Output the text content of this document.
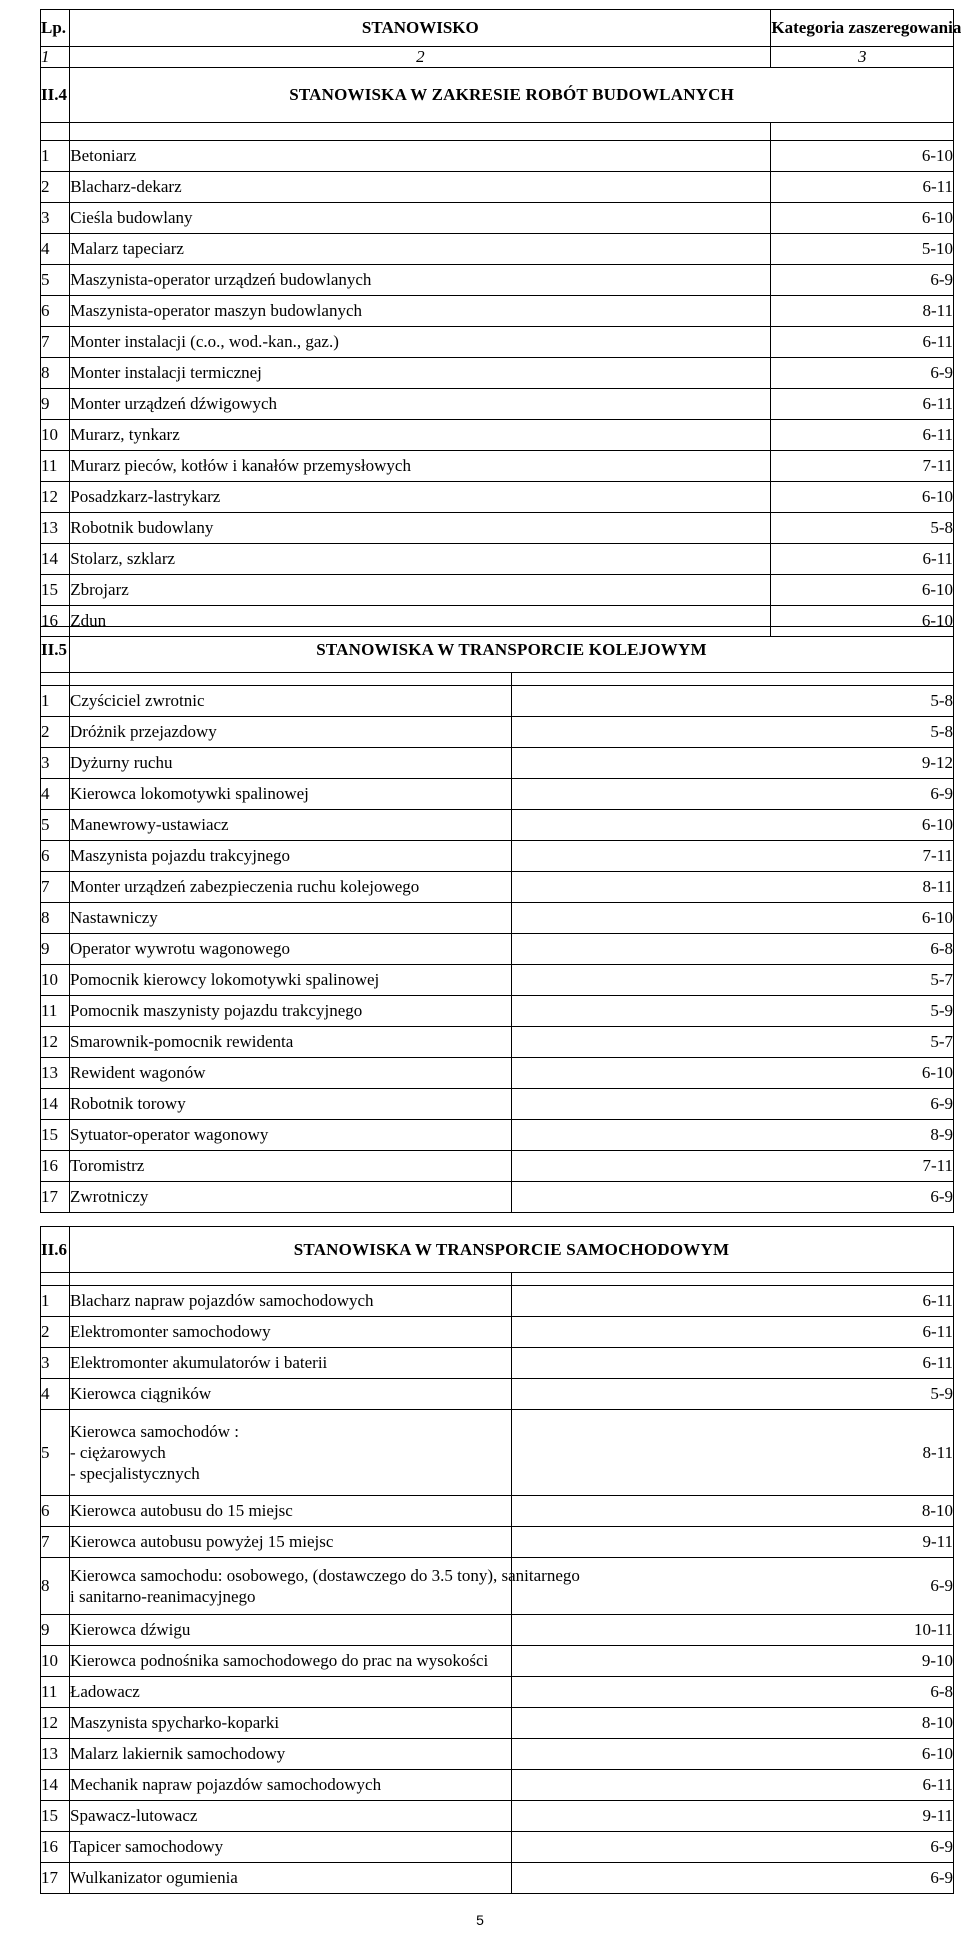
Lp.	STANOWISKO	Kategoria zaszeregowania
1	2	3
II.4	STANOWISKA W ZAKRESIE ROBÓT BUDOWLANYCH	

1	Betoniarz	6-10
2	Blacharz-dekarz	6-11
3	Cieśla budowlany	6-10
4	Malarz tapeciarz	5-10
5	Maszynista-operator urządzeń budowlanych	6-9
6	Maszynista-operator maszyn budowlanych	8-11
7	Monter instalacji (c.o., wod.-kan., gaz.)	6-11
8	Monter instalacji termicznej	6-9
9	Monter urządzeń dźwigowych	6-11
10	Murarz, tynkarz	6-11
11	Murarz pieców, kotłów i kanałów przemysłowych	7-11
12	Posadzkarz-lastrykarz	6-10
13	Robotnik budowlany	5-8
14	Stolarz, szklarz	6-11
15	Zbrojarz	6-10
16	Zdun	6-10
II.5	STANOWISKA W TRANSPORCIE KOLEJOWYM	

1	Czyściciel zwrotnic	5-8
2	Dróżnik przejazdowy	5-8
3	Dyżurny ruchu	9-12
4	Kierowca lokomotywki spalinowej	6-9
5	Manewrowy-ustawiacz	6-10
6	Maszynista pojazdu trakcyjnego	7-11
7	Monter urządzeń zabezpieczenia ruchu kolejowego	8-11
8	Nastawniczy	6-10
9	Operator wywrotu wagonowego	6-8
10	Pomocnik kierowcy lokomotywki spalinowej	5-7
11	Pomocnik maszynisty pojazdu trakcyjnego	5-9
12	Smarownik-pomocnik rewidenta	5-7
13	Rewident wagonów	6-10
14	Robotnik torowy	6-9
15	Sytuator-operator wagonowy	8-9
16	Toromistrz	7-11
17	Zwrotniczy	6-9
II.6	STANOWISKA W TRANSPORCIE SAMOCHODOWYM	

1	Blacharz napraw pojazdów samochodowych	6-11
2	Elektromonter samochodowy	6-11
3	Elektromonter akumulatorów i baterii	6-11
4	Kierowca ciągników	5-9
5	Kierowca samochodów :
- ciężarowych
- specjalistycznych	8-11
6	Kierowca autobusu do 15 miejsc	8-10
7	Kierowca autobusu powyżej 15 miejsc	9-11
8	Kierowca samochodu: osobowego, (dostawczego do 3.5 tony), sanitarnego
i sanitarno-reanimacyjnego	6-9
9	Kierowca dźwigu	10-11
10	Kierowca podnośnika samochodowego do prac na wysokości	9-10
11	Ładowacz	6-8
12	Maszynista spycharko-koparki	8-10
13	Malarz lakiernik samochodowy	6-10
14	Mechanik napraw pojazdów samochodowych	6-11
15	Spawacz-lutowacz	9-11
16	Tapicer samochodowy	6-9
17	Wulkanizator ogumienia	6-9
5
